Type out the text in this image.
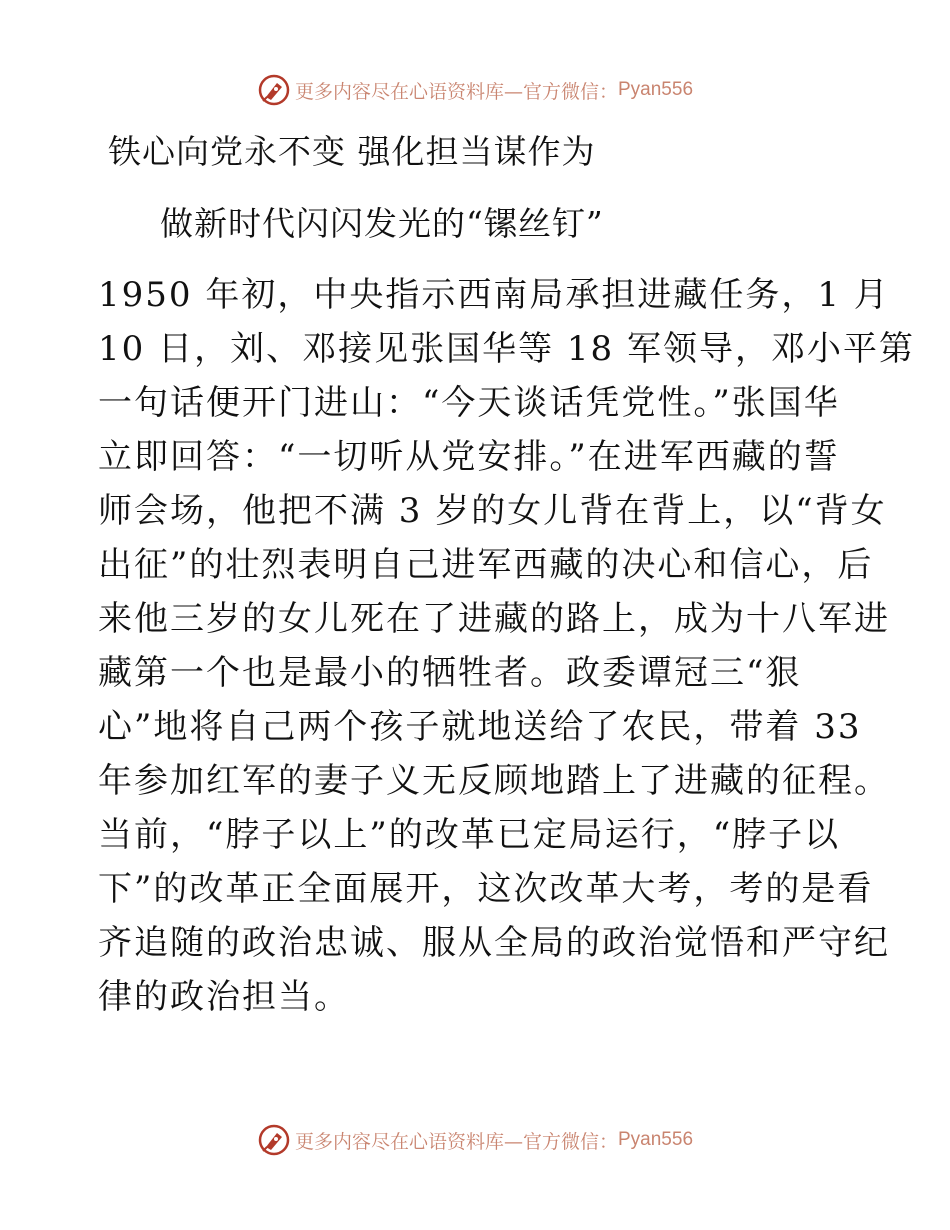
更多内容尽在心语资料库—官方微信： Pyan556
铁心向党永不变 强化担当谋作为
做新时代闪闪发光的“镙丝钉”
1950 年初，中央指示西南局承担进藏任务，1 月
10 日，刘、邓接见张国华等 18 军领导，邓小平第
一句话便开门进山：“今天谈话凭党性。”张国华
立即回答：“一切听从党安排。”在进军西藏的誓
师会场，他把不满 3 岁的女儿背在背上，以“背女
出征”的壮烈表明自己进军西藏的决心和信心，后
来他三岁的女儿死在了进藏的路上，成为十八军进
藏第一个也是最小的牺牲者。政委谭冠三“狠
心”地将自己两个孩子就地送给了农民，带着 33
年参加红军的妻子义无反顾地踏上了进藏的征程。
当前，“脖子以上”的改革已定局运行，“脖子以
下”的改革正全面展开，这次改革大考，考的是看
齐追随的政治忠诚、服从全局的政治觉悟和严守纪
律的政治担当。
更多内容尽在心语资料库—官方微信： Pyan556
